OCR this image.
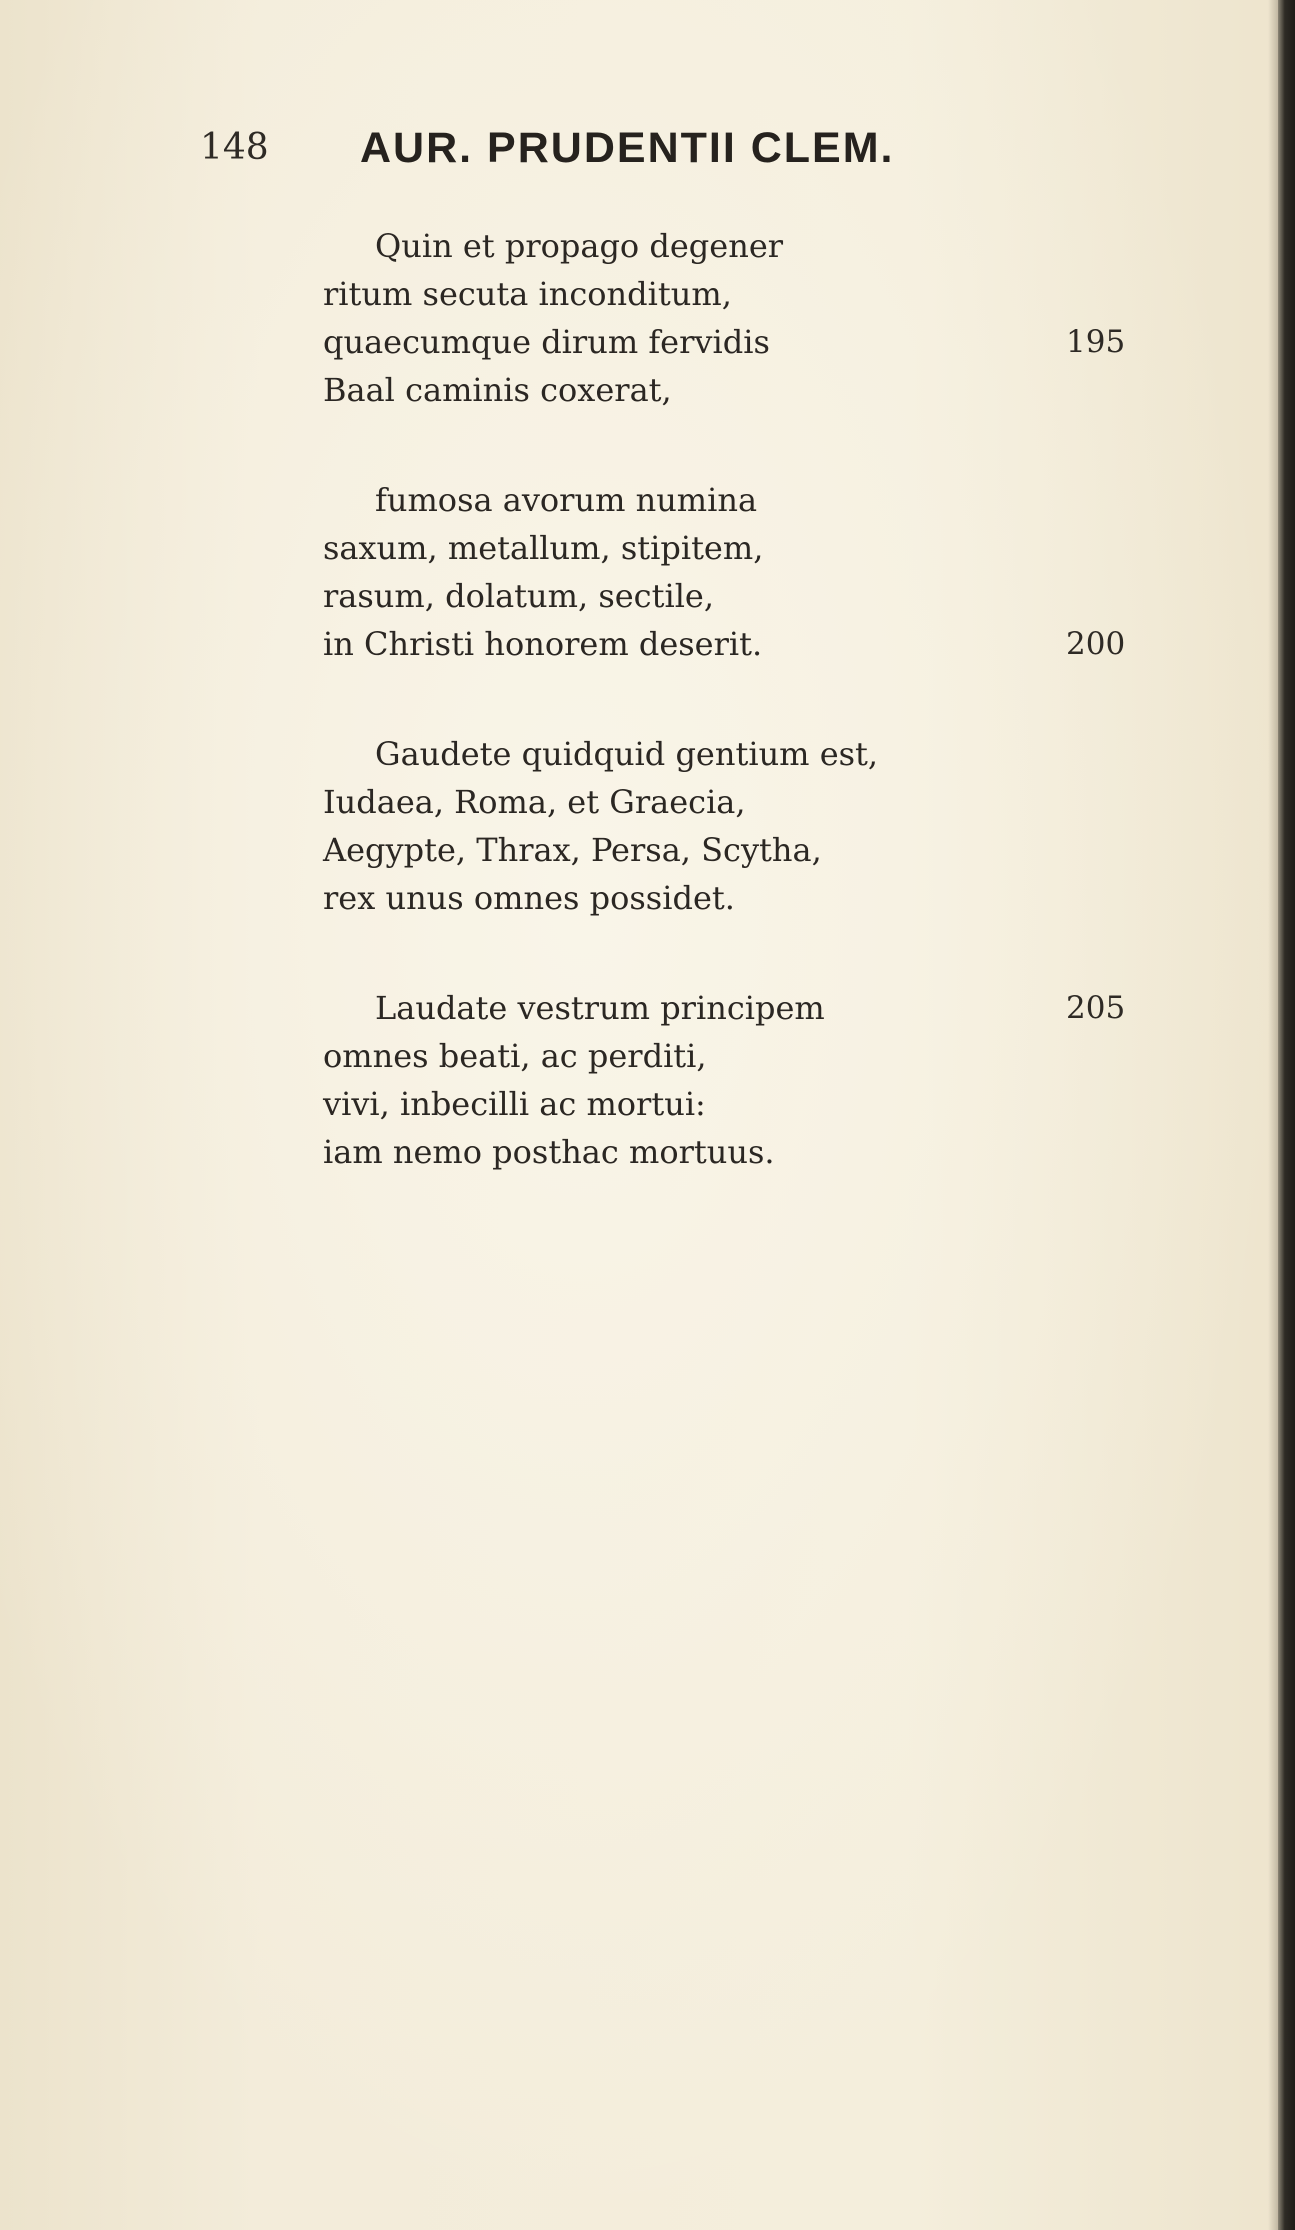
148 AUR. PRUDENTII CLEM.
Quin et propago degener
ritum secuta inconditum,
quaecumque dirum fervidis	195
Baal caminis coxerat,
fumosa avorum numina
saxum, metallum, stipitem,
rasum, dolatum, sectile,
in Christi honorem deserit.	200
Gaudete quidquid gentium est,
Iudaea, Roma, et Graecia,
Aegypte, Thrax, Persa, Scytha,
rex unus omnes possidet.
Laudate vestrum principem	205
omnes beati, ac perditi,
vivi, inbecilli ac mortui:
iam nemo posthac mortuus.
